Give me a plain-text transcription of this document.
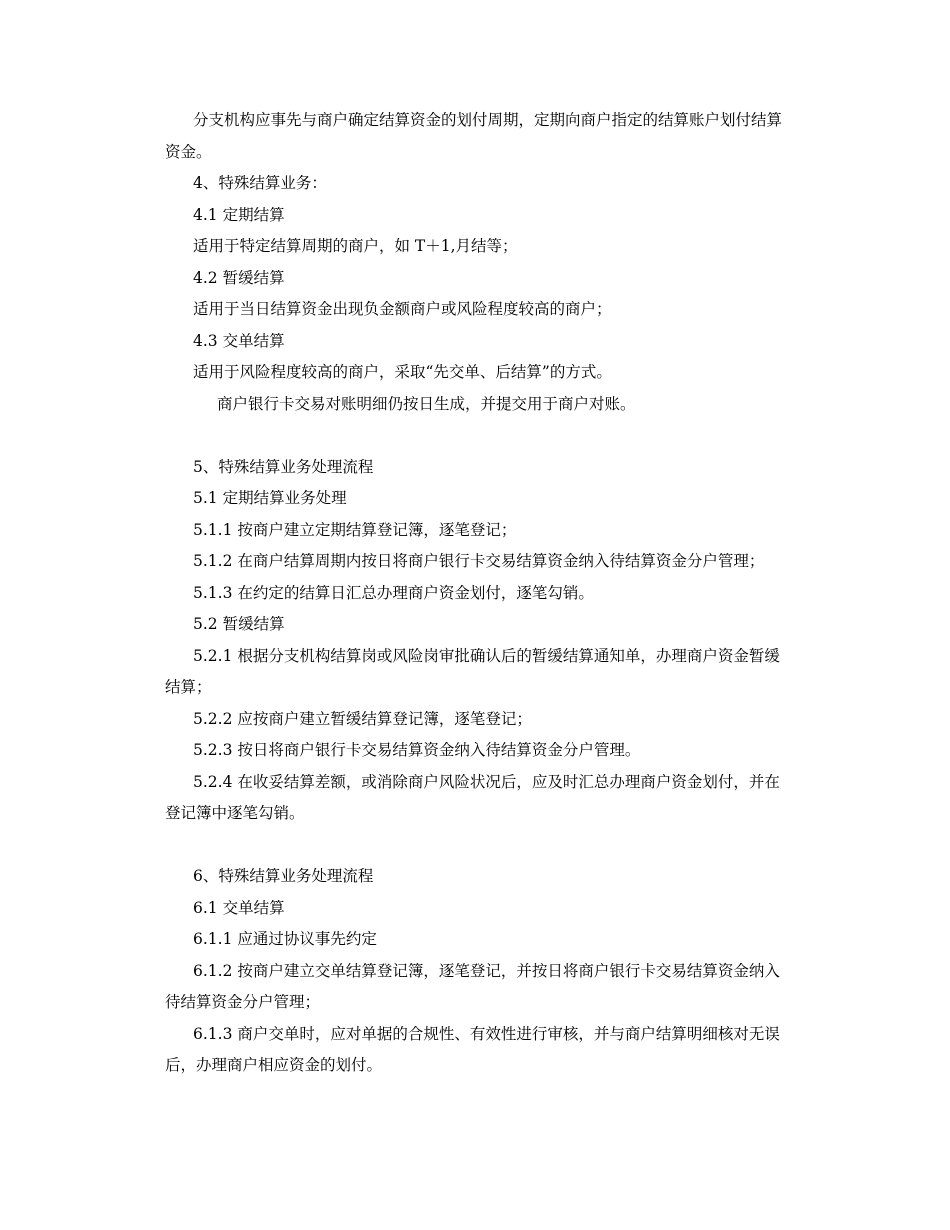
分支机构应事先与商户确定结算资金的划付周期，定期向商户指定的结算账户划付结算资金。

4、特殊结算业务：

4.1 定期结算

适用于特定结算周期的商户，如 T＋1,月结等；

4.2 暂缓结算

适用于当日结算资金出现负金额商户或风险程度较高的商户；

4.3 交单结算

适用于风险程度较高的商户，采取“先交单、后结算”的方式。

商户银行卡交易对账明细仍按日生成，并提交用于商户对账。

5、特殊结算业务处理流程

5.1 定期结算业务处理

5.1.1 按商户建立定期结算登记簿，逐笔登记；

5.1.2 在商户结算周期内按日将商户银行卡交易结算资金纳入待结算资金分户管理；

5.1.3 在约定的结算日汇总办理商户资金划付，逐笔勾销。

5.2 暂缓结算

5.2.1 根据分支机构结算岗或风险岗审批确认后的暂缓结算通知单，办理商户资金暂缓结算；

5.2.2 应按商户建立暂缓结算登记簿，逐笔登记；

5.2.3 按日将商户银行卡交易结算资金纳入待结算资金分户管理。

5.2.4 在收妥结算差额，或消除商户风险状况后，应及时汇总办理商户资金划付，并在登记簿中逐笔勾销。

6、特殊结算业务处理流程

6.1 交单结算

6.1.1 应通过协议事先约定

6.1.2 按商户建立交单结算登记簿，逐笔登记，并按日将商户银行卡交易结算资金纳入待结算资金分户管理；

6.1.3 商户交单时，应对单据的合规性、有效性进行审核，并与商户结算明细核对无误后，办理商户相应资金的划付。
